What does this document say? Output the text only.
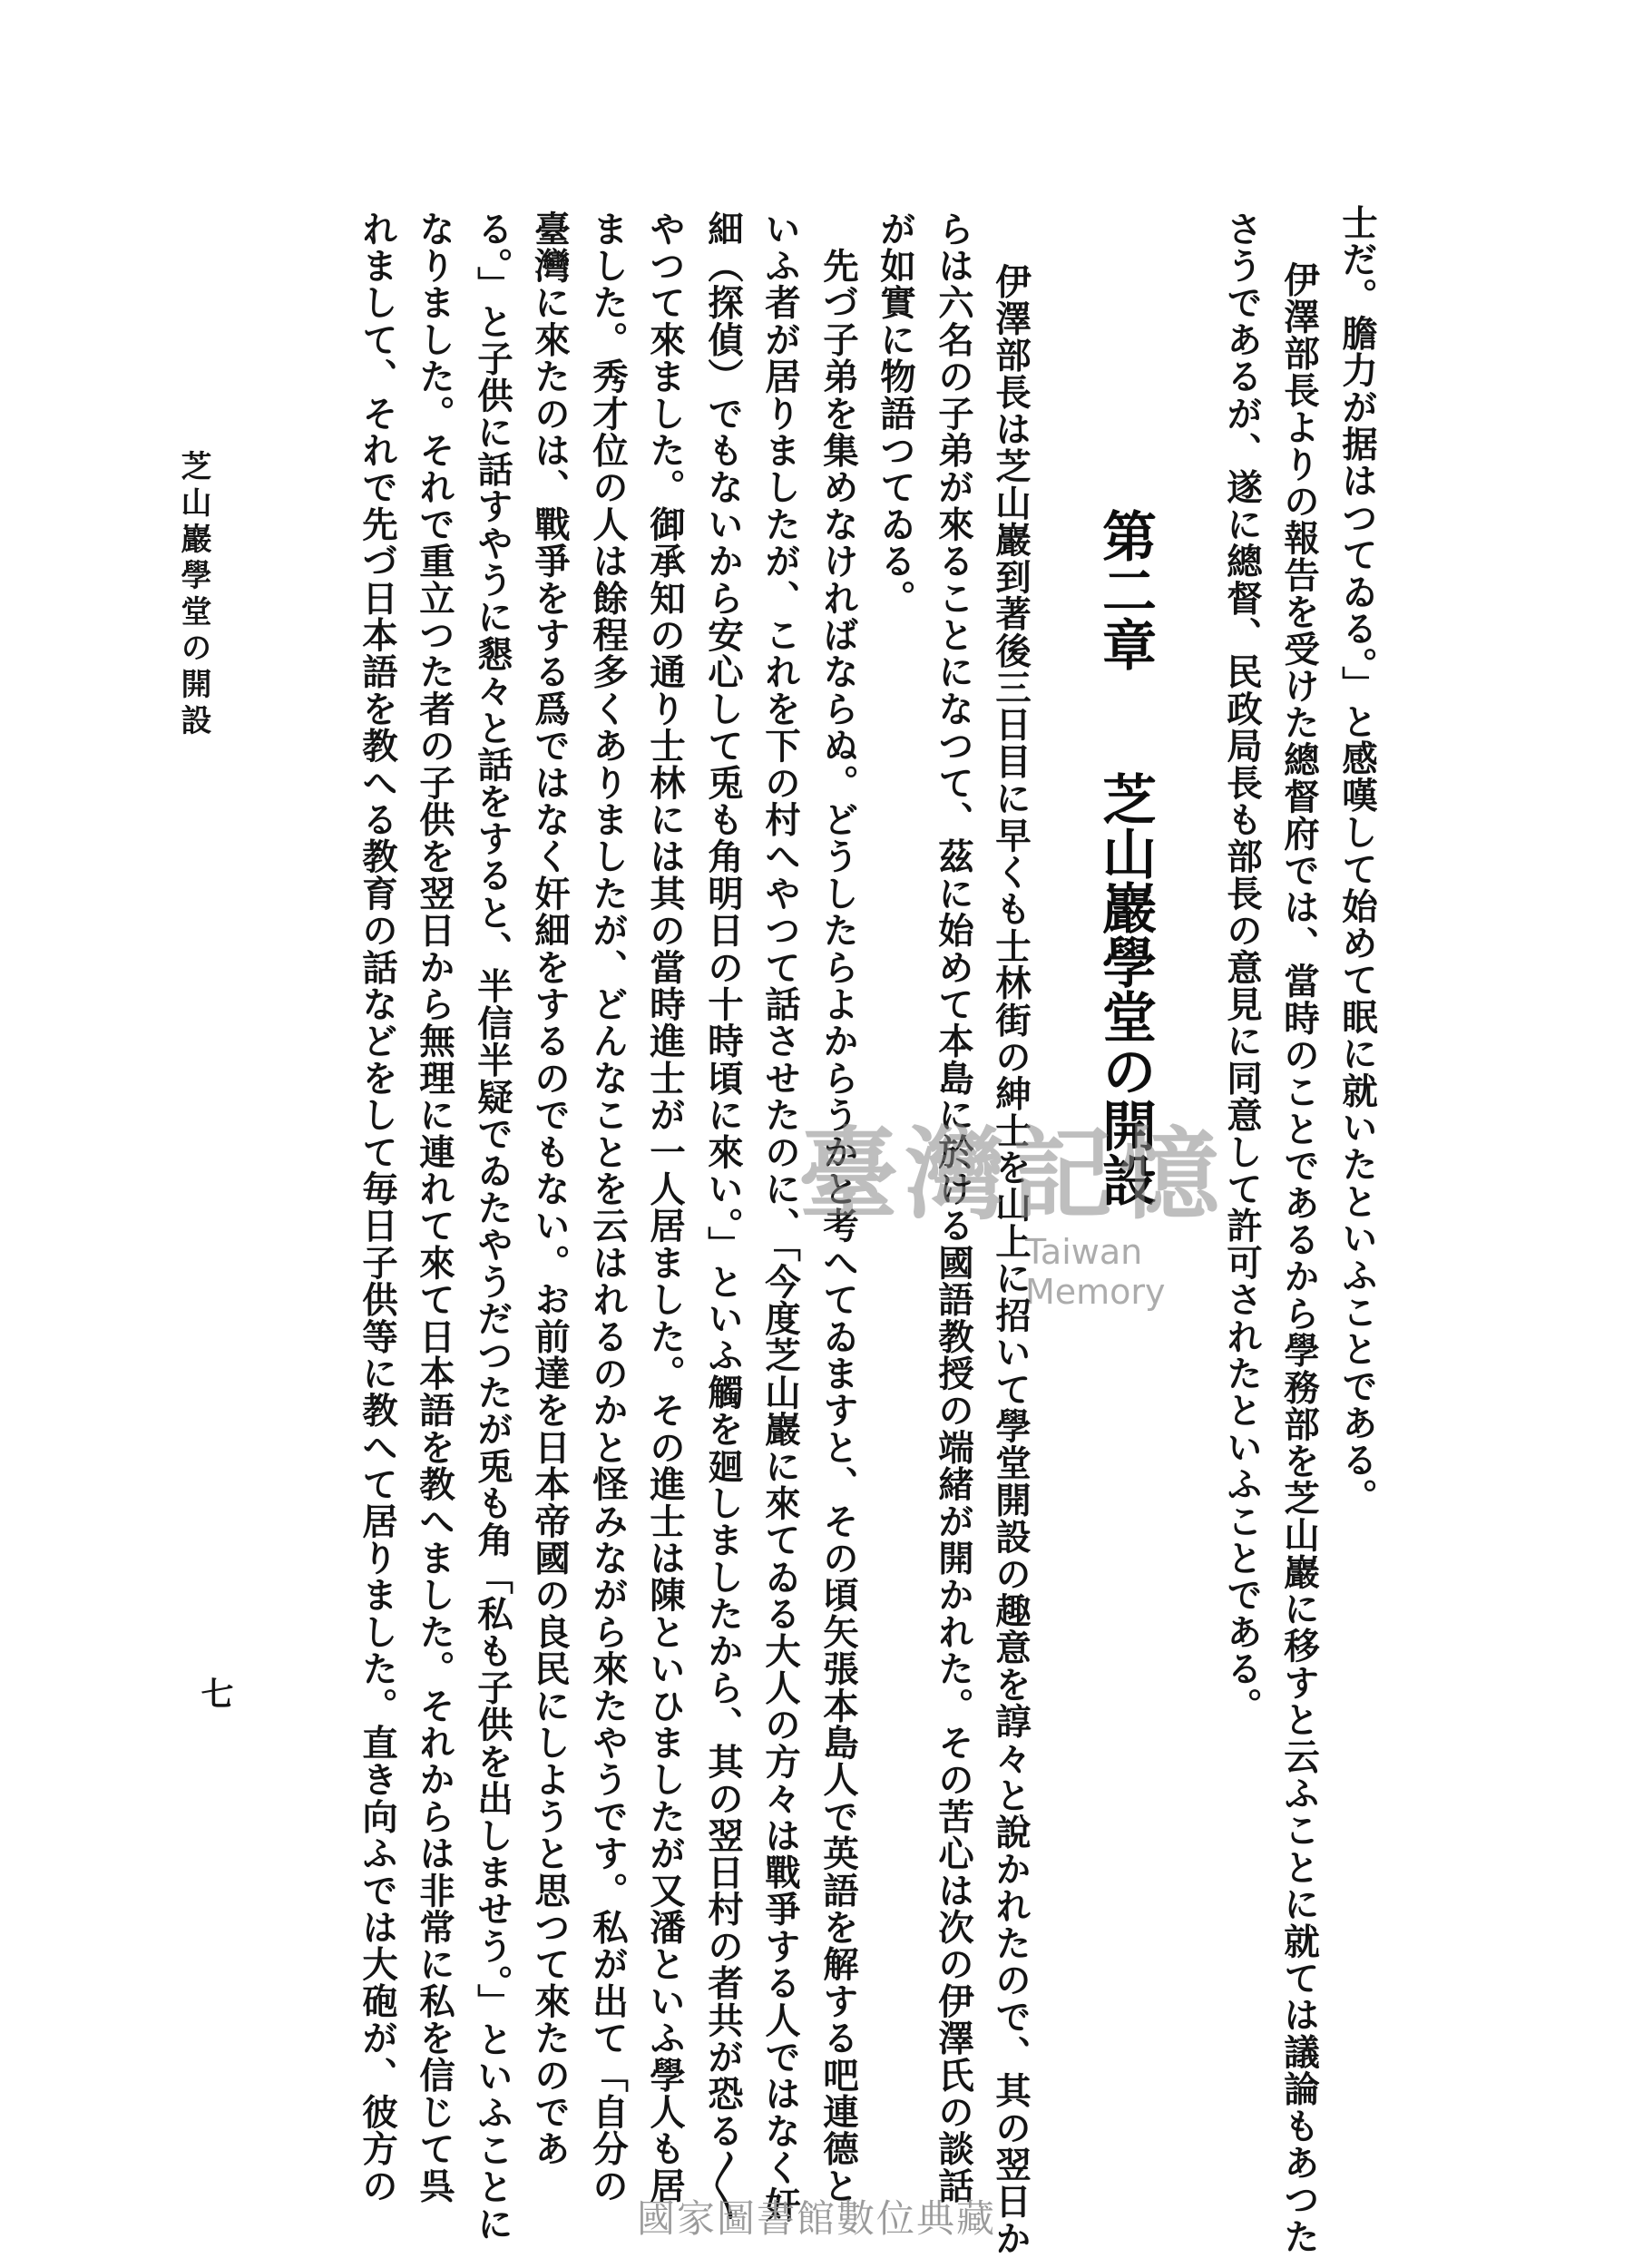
士だ。膽力が据はつてゐる。」と感嘆して始めて眠に就いたといふことである。
伊澤部長よりの報告を受けた總督府では、當時のことであるから學務部を芝山巖に移すと云ふことに就ては議論もあつた
さうであるが、遂に總督、民政局長も部長の意見に同意して許可されたといふことである。
第二章芝山巖學堂の開設
伊澤部長は芝山巖到著後三日目に早くも士林街の紳士を山上に招いて學堂開設の趣意を諄々と說かれたので、其の翌日か
らは六名の子弟が來ることになつて、茲に始めて本島に於ける國語教授の端緒が開かれた。その苦心は次の伊澤氏の談話
が如實に物語つてゐる。
　先づ子弟を集めなければならぬ。どうしたらよからうかと考へてゐますと、その頃矢張本島人で英語を解する吧連德と
いふ者が居りましたが、これを下の村へやつて話させたのに、「今度芝山巖に來てゐる大人の方々は戰爭する人ではなく奸
細（探偵）でもないから安心して兎も角明日の十時頃に來い。」といふ觸を廻しましたから、其の翌日村の者共が恐る〳〵
やつて來ました。御承知の通り士林には其の當時進士が一人居ました。その進士は陳といひましたが又潘といふ學人も居
ました。秀才位の人は餘程多くありましたが、どんなことを云はれるのかと怪みながら來たやうです。私が出て「自分の
臺灣に來たのは、戰爭をする爲ではなく奸細をするのでもない。お前達を日本帝國の良民にしようと思つて來たのであ
る。」と子供に話すやうに懇々と話をすると、半信半疑でゐたやうだつたが兎も角「私も子供を出しませう。」といふことに
なりました。それで重立つた者の子供を翌日から無理に連れて來て日本語を教へました。それからは非常に私を信じて呉
れまして、それで先づ日本語を教へる教育の話などをして毎日子供等に教へて居りました。直き向ふでは大砲が、彼方の
芝山巖學堂の開設
七
臺灣記憶
Taiwan Memory
國家圖書館數位典藏
